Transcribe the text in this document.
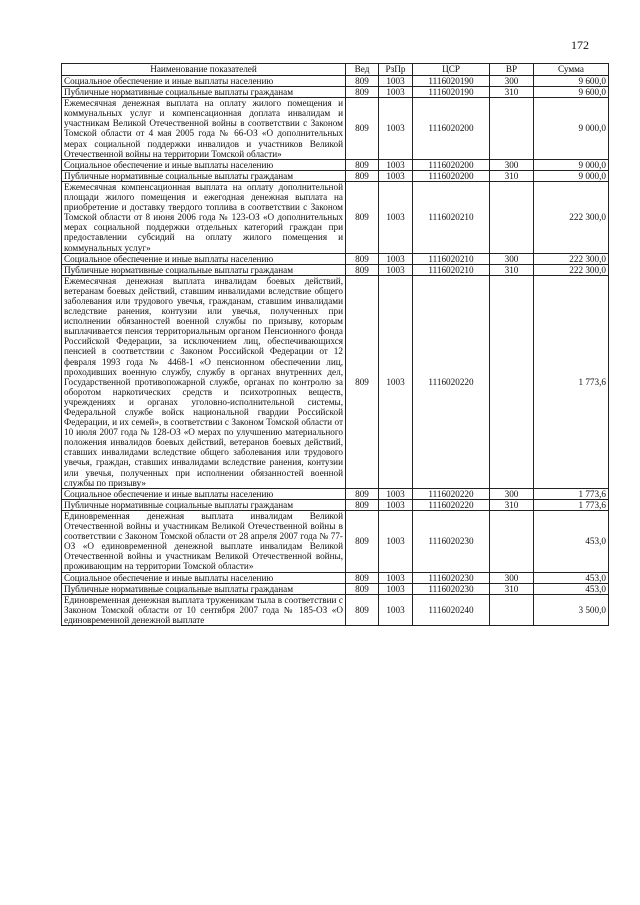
172
Наименование показателей	Вед	РзПр	ЦСР	ВР	Сумма
Социальное обеспечение и иные выплаты населению	809	1003	1116020190	300	9 600,0
Публичные нормативные социальные выплаты гражданам	809	1003	1116020190	310	9 600,0
Ежемесячная денежная выплата на оплату жилого помещения и коммунальных услуг и компенсационная доплата инвалидам и участникам Великой Отечественной войны в соответствии с Законом Томской области от 4 мая 2005 года № 66-ОЗ «О дополнительных мерах социальной поддержки инвалидов и участников Великой Отечественной войны на территории Томской области»	809	1003	1116020200		9 000,0
Социальное обеспечение и иные выплаты населению	809	1003	1116020200	300	9 000,0
Публичные нормативные социальные выплаты гражданам	809	1003	1116020200	310	9 000,0
Ежемесячная компенсационная выплата на оплату дополнительной площади жилого помещения и ежегодная денежная выплата на приобретение и доставку твердого топлива в соответствии с Законом Томской области от 8 июня 2006 года № 123-ОЗ «О дополнительных мерах социальной поддержки отдельных категорий граждан при предоставлении субсидий на оплату жилого помещения и коммунальных услуг»	809	1003	1116020210		222 300,0
Социальное обеспечение и иные выплаты населению	809	1003	1116020210	300	222 300,0
Публичные нормативные социальные выплаты гражданам	809	1003	1116020210	310	222 300,0
Ежемесячная денежная выплата инвалидам боевых действий, ветеранам боевых действий, ставшим инвалидами вследствие общего заболевания или трудового увечья, гражданам, ставшим инвалидами вследствие ранения, контузии или увечья, полученных при исполнении обязанностей военной службы по призыву, которым выплачивается пенсия территориальным органом Пенсионного фонда Российской Федерации, за исключением лиц, обеспечивающихся пенсией в соответствии с Законом Российской Федерации от 12 февраля 1993 года № 4468-1 «О пенсионном обеспечении лиц, проходивших военную службу, службу в органах внутренних дел, Государственной противопожарной службе, органах по контролю за оборотом наркотических средств и психотропных веществ, учреждениях и органах уголовно-исполнительной системы, Федеральной службе войск национальной гвардии Российской Федерации, и их семей», в соответствии с Законом Томской области от 10 июля 2007 года № 128-ОЗ «О мерах по улучшению материального положения инвалидов боевых действий, ветеранов боевых действий, ставших инвалидами вследствие общего заболевания или трудового увечья, граждан, ставших инвалидами вследствие ранения, контузии или увечья, полученных при исполнении обязанностей военной службы по призыву»	809	1003	1116020220		1 773,6
Социальное обеспечение и иные выплаты населению	809	1003	1116020220	300	1 773,6
Публичные нормативные социальные выплаты гражданам	809	1003	1116020220	310	1 773,6
Единовременная денежная выплата инвалидам Великой Отечественной войны и участникам Великой Отечественной войны в соответствии с Законом Томской области от 28 апреля 2007 года № 77-ОЗ «О единовременной денежной выплате инвалидам Великой Отечественной войны и участникам Великой Отечественной войны, проживающим на территории Томской области»	809	1003	1116020230		453,0
Социальное обеспечение и иные выплаты населению	809	1003	1116020230	300	453,0
Публичные нормативные социальные выплаты гражданам	809	1003	1116020230	310	453,0
Единовременная денежная выплата труженикам тыла в соответствии с Законом Томской области от 10 сентября 2007 года № 185-ОЗ «О единовременной денежной выплате	809	1003	1116020240		3 500,0
